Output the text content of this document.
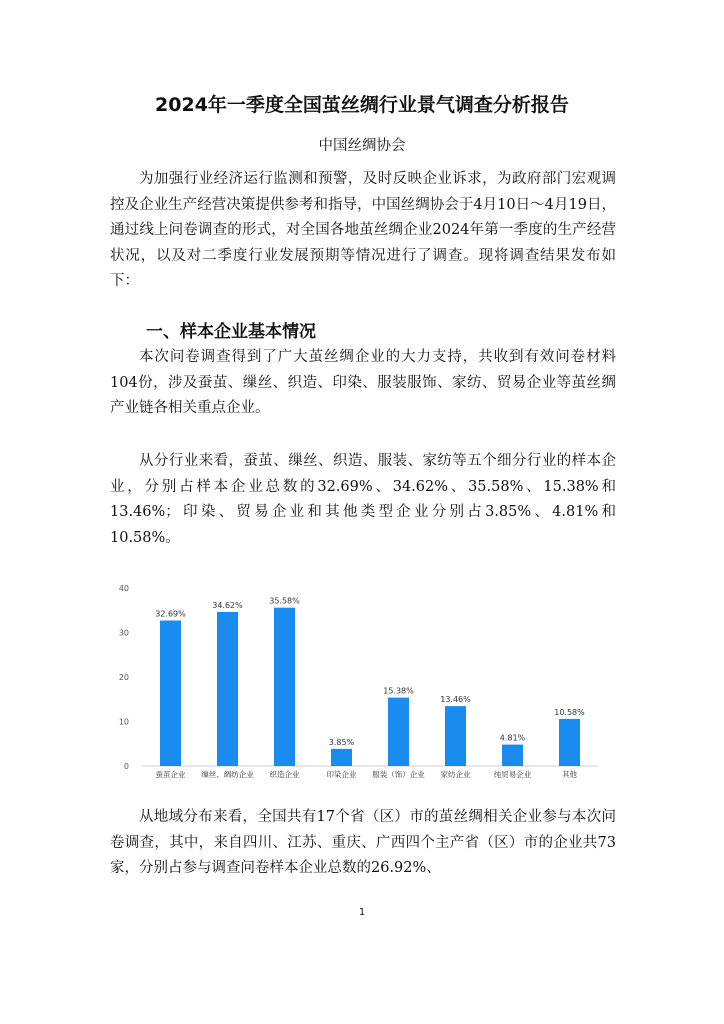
2024年一季度全国茧丝绸行业景气调查分析报告
中国丝绸协会

为加强行业经济运行监测和预警，及时反映企业诉求，为政府部门宏观调控及企业生产经营决策提供参考和指导，中国丝绸协会于4月10日～4月19日，通过线上问卷调查的形式，对全国各地茧丝绸企业2024年第一季度的生产经营状况，以及对二季度行业发展预期等情况进行了调查。现将调查结果发布如下：

一、样本企业基本情况

本次问卷调查得到了广大茧丝绸企业的大力支持，共收到有效问卷材料104份，涉及蚕茧、缫丝、织造、印染、服装服饰、家纺、贸易企业等茧丝绸产业链各相关重点企业。

从分行业来看，蚕茧、缫丝、织造、服装、家纺等五个细分行业的样本企业，分别占样本企业总数的32.69%、34.62%、35.58%、15.38%和13.46%；印染、贸易企业和其他类型企业分别占3.85%、4.81%和10.58%。

0
10
20
30
40
32.69%
蚕茧企业
34.62%
缫丝、绸纺企业
35.58%
织造企业
3.85%
印染企业
15.38%
服装（饰）企业
13.46%
家纺企业
4.81%
纯贸易企业
10.58%
其他

从地域分布来看，全国共有17个省（区）市的茧丝绸相关企业参与本次问卷调查，其中，来自四川、江苏、重庆、广西四个主产省（区）市的企业共73家，分别占参与调查问卷样本企业总数的26.92%、

1
